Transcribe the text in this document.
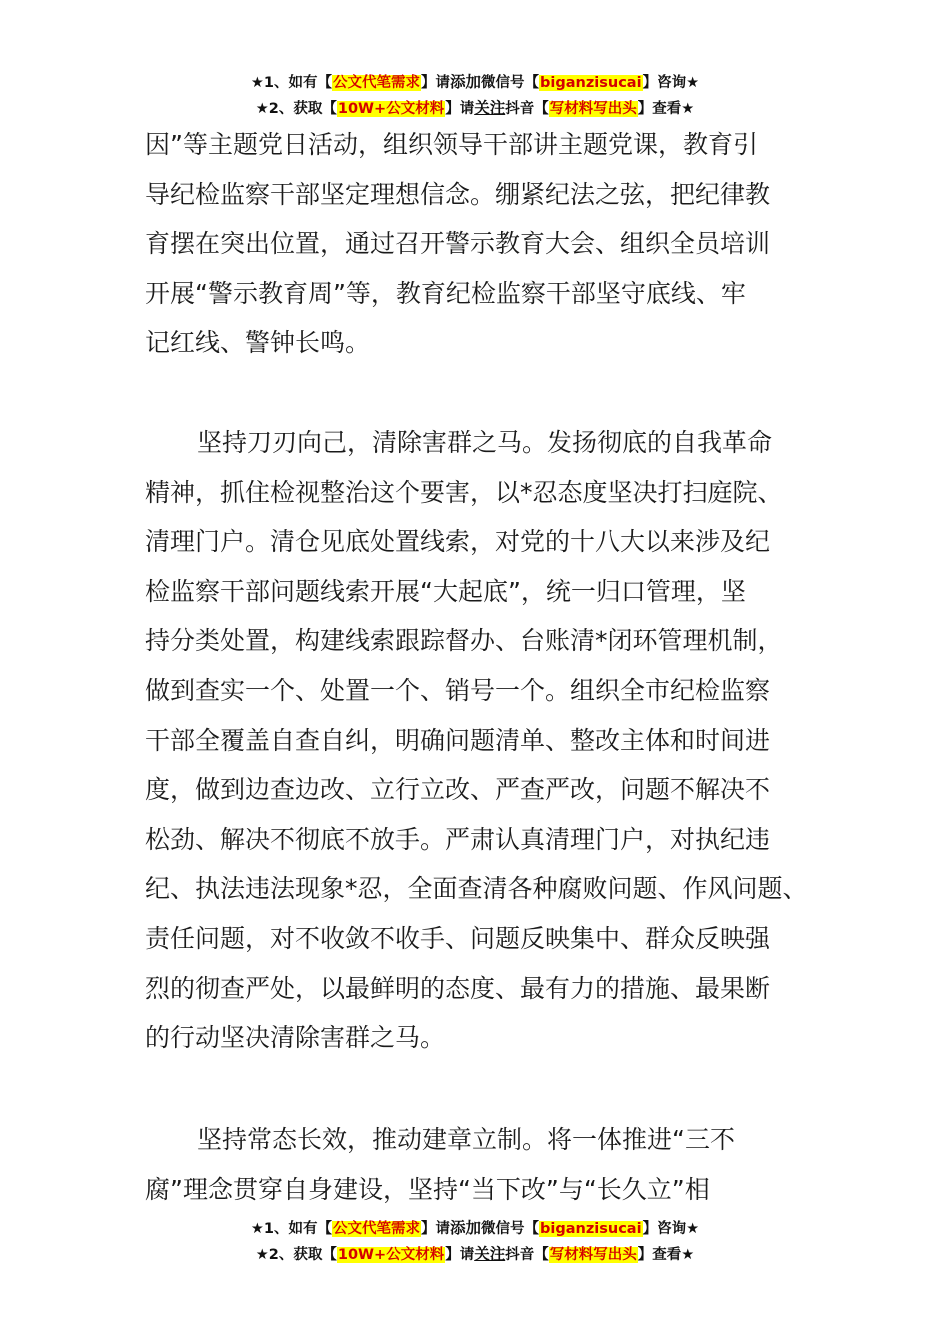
★1、如有【公文代笔需求】请添加微信号【biganzisucai】咨询★
★2、获取【10W+公文材料】请关注抖音【写材料写出头】查看★
因”等主题党日活动，组织领导干部讲主题党课，教育引
导纪检监察干部坚定理想信念。绷紧纪法之弦，把纪律教
育摆在突出位置，通过召开警示教育大会、组织全员培训
开展“警示教育周”等，教育纪检监察干部坚守底线、牢
记红线、警钟长鸣。
坚持刀刃向己，清除害群之马。发扬彻底的自我革命
精神，抓住检视整治这个要害，以*忍态度坚决打扫庭院、
清理门户。清仓见底处置线索，对党的十八大以来涉及纪
检监察干部问题线索开展“大起底”，统一归口管理，坚
持分类处置，构建线索跟踪督办、台账清*闭环管理机制，
做到查实一个、处置一个、销号一个。组织全市纪检监察
干部全覆盖自查自纠，明确问题清单、整改主体和时间进
度，做到边查边改、立行立改、严查严改，问题不解决不
松劲、解决不彻底不放手。严肃认真清理门户，对执纪违
纪、执法违法现象*忍，全面查清各种腐败问题、作风问题、
责任问题，对不收敛不收手、问题反映集中、群众反映强
烈的彻查严处，以最鲜明的态度、最有力的措施、最果断
的行动坚决清除害群之马。
坚持常态长效，推动建章立制。将一体推进“三不
腐”理念贯穿自身建设，坚持“当下改”与“长久立”相
★1、如有【公文代笔需求】请添加微信号【biganzisucai】咨询★
★2、获取【10W+公文材料】请关注抖音【写材料写出头】查看★
